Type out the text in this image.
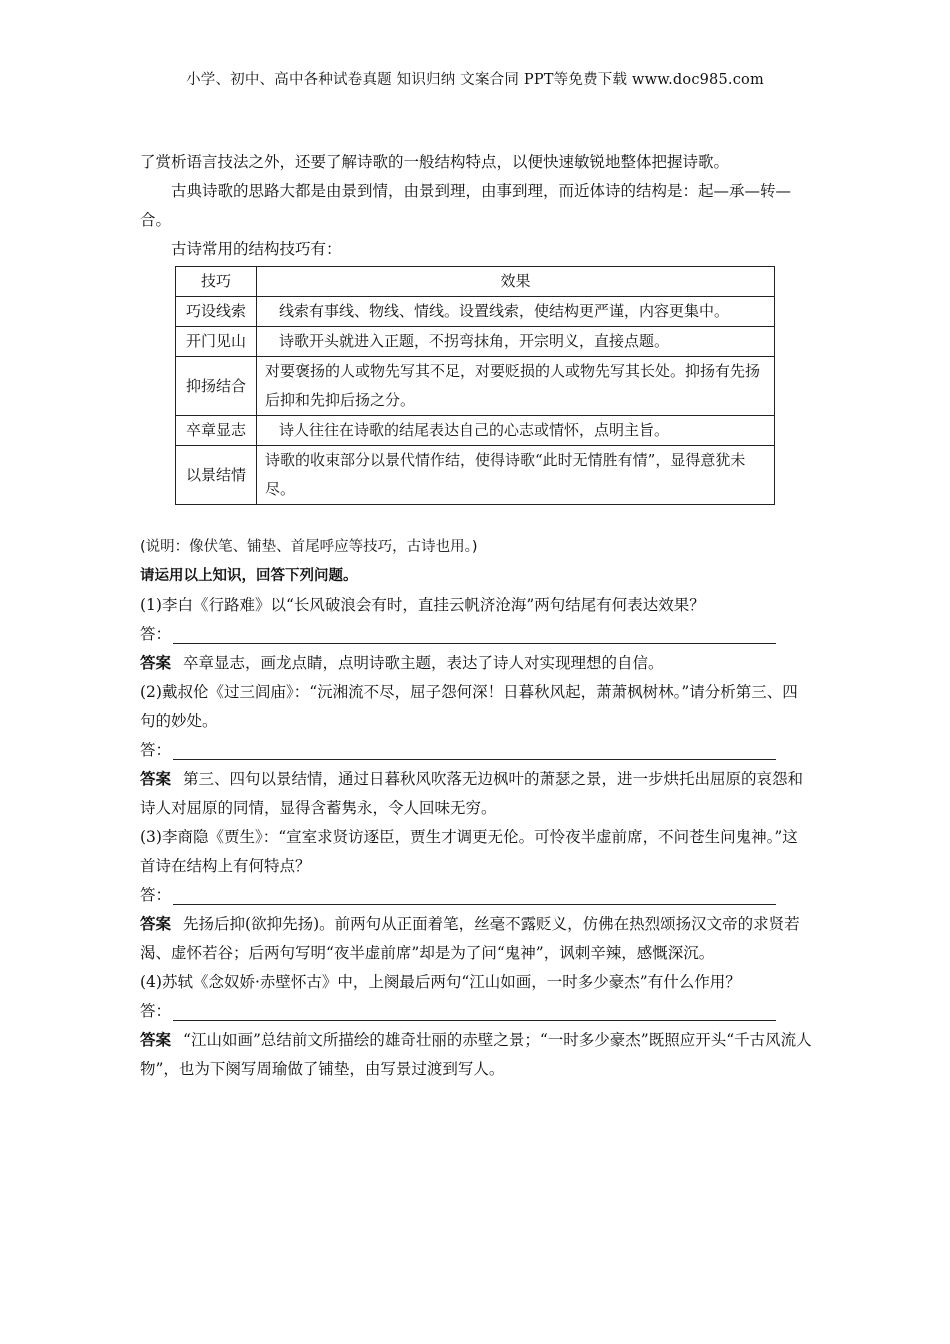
小学、初中、高中各种试卷真题 知识归纳 文案合同 PPT等免费下载 www.doc985.com

了赏析语言技法之外，还要了解诗歌的一般结构特点，以便快速敏锐地整体把握诗歌。

古典诗歌的思路大都是由景到情，由景到理，由事到理，而近体诗的结构是：起—承—转—合。

古诗常用的结构技巧有：

技巧	效果
巧设线索	线索有事线、物线、情线。设置线索，使结构更严谨，内容更集中。
开门见山	诗歌开头就进入正题，不拐弯抹角，开宗明义，直接点题。
抑扬结合	对要褒扬的人或物先写其不足，对要贬损的人或物先写其长处。抑扬有先扬后抑和先抑后扬之分。
卒章显志	诗人往往在诗歌的结尾表达自己的心志或情怀，点明主旨。
以景结情	诗歌的收束部分以景代情作结，使得诗歌“此时无情胜有情”，显得意犹未尽。

(说明：像伏笔、铺垫、首尾呼应等技巧，古诗也用。)

请运用以上知识，回答下列问题。

(1)李白《行路难》以“长风破浪会有时，直挂云帆济沧海”两句结尾有何表达效果？

答：

答案 卒章显志，画龙点睛，点明诗歌主题，表达了诗人对实现理想的自信。

(2)戴叔伦《过三闾庙》：“沅湘流不尽，屈子怨何深！日暮秋风起，萧萧枫树林。”请分析第三、四句的妙处。

答：

答案 第三、四句以景结情，通过日暮秋风吹落无边枫叶的萧瑟之景，进一步烘托出屈原的哀怨和诗人对屈原的同情，显得含蓄隽永，令人回味无穷。

(3)李商隐《贾生》：“宣室求贤访逐臣，贾生才调更无伦。可怜夜半虚前席，不问苍生问鬼神。”这首诗在结构上有何特点？

答：

答案 先扬后抑(欲抑先扬)。前两句从正面着笔，丝毫不露贬义，仿佛在热烈颂扬汉文帝的求贤若渴、虚怀若谷；后两句写明“夜半虚前席”却是为了问“鬼神”，讽刺辛辣，感慨深沉。

(4)苏轼《念奴娇·赤壁怀古》中，上阕最后两句“江山如画，一时多少豪杰”有什么作用？

答：

答案 “江山如画”总结前文所描绘的雄奇壮丽的赤壁之景；“一时多少豪杰”既照应开头“千古风流人物”，也为下阕写周瑜做了铺垫，由写景过渡到写人。
